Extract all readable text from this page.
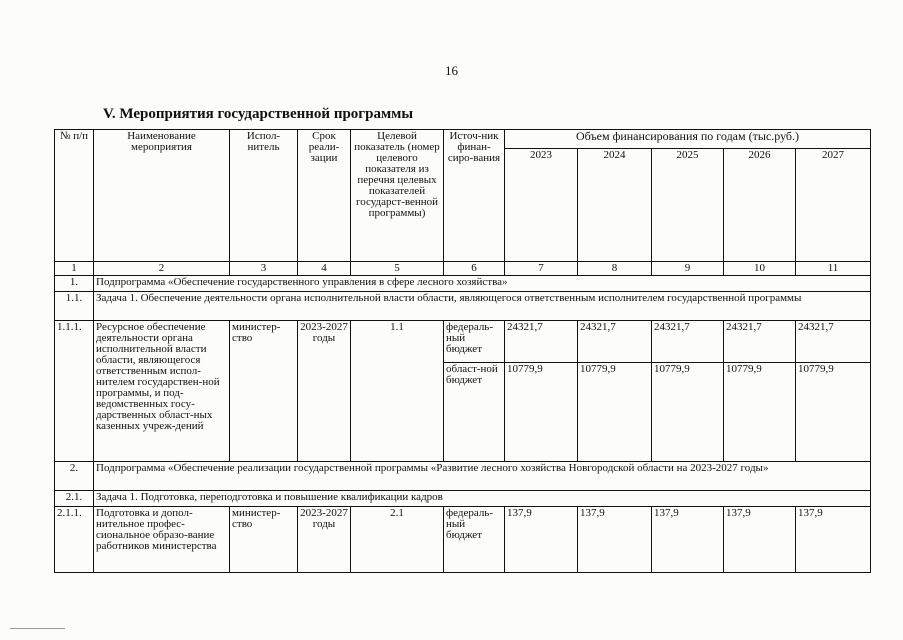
16
V. Мероприятия государственной программы
№ п/п	Наименование мероприятия	Испол-нитель	Срок реали-зации	Целевой показатель (номер целевого показателя из перечня целевых показателей государст-венной программы)	Источ-ник финан-сиро-вания	Объем финансирования по годам (тыс.руб.)				
						2023	2024	2025	2026	2027
1	2	3	4	5	6	7	8	9	10	11
1.	Подпрограмма «Обеспечение государственного управления в сфере лесного хозяйства»									
1.1.	Задача 1. Обеспечение деятельности органа исполнительной власти области, являющегося ответственным исполнителем государственной программы									
1.1.1.	Ресурсное обеспечение деятельности органа исполнительной власти области, являющегося ответственным испол-нителем государствен-ной программы, и под-ведомственных госу-дарственных област-ных казенных учреж-дений	министер-ство	2023-2027 годы	1.1	федераль-ный бюджет	24321,7	24321,7	24321,7	24321,7	24321,7
					област-ной бюджет	10779,9	10779,9	10779,9	10779,9	10779,9
2.	Подпрограмма «Обеспечение реализации государственной программы «Развитие лесного хозяйства Новгородской области на 2023-2027 годы»									
2.1.	Задача 1. Подготовка, переподготовка и повышение квалификации кадров									
2.1.1.	Подготовка и допол-нительное профес-сиональное образо-вание работников министерства	министер-ство	2023-2027 годы	2.1	федераль-ный бюджет	137,9	137,9	137,9	137,9	137,9
